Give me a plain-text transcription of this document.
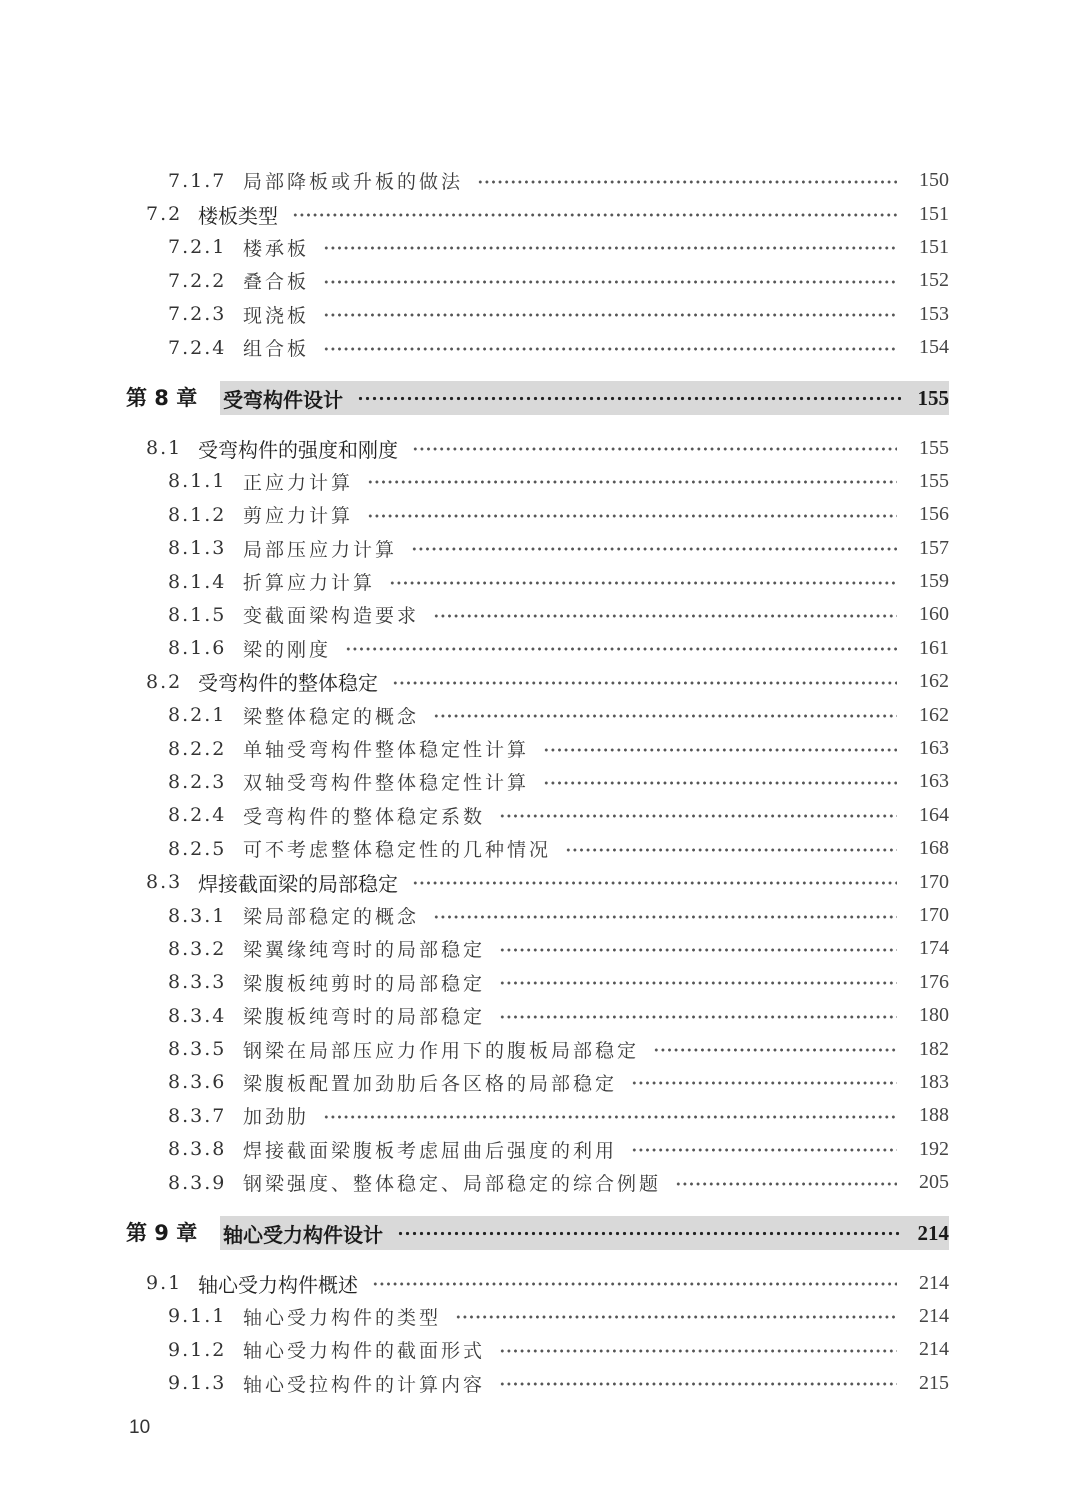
7.1.7 局部降板或升板的做法	150
7.2 楼板类型	151
7.2.1 楼承板	151
7.2.2 叠合板	152
7.2.3 现浇板	153
7.2.4 组合板	154
第 8 章 受弯构件设计	155
8.1 受弯构件的强度和刚度	155
8.1.1 正应力计算	155
8.1.2 剪应力计算	156
8.1.3 局部压应力计算	157
8.1.4 折算应力计算	159
8.1.5 变截面梁构造要求	160
8.1.6 梁的刚度	161
8.2 受弯构件的整体稳定	162
8.2.1 梁整体稳定的概念	162
8.2.2 单轴受弯构件整体稳定性计算	163
8.2.3 双轴受弯构件整体稳定性计算	163
8.2.4 受弯构件的整体稳定系数	164
8.2.5 可不考虑整体稳定性的几种情况	168
8.3 焊接截面梁的局部稳定	170
8.3.1 梁局部稳定的概念	170
8.3.2 梁翼缘纯弯时的局部稳定	174
8.3.3 梁腹板纯剪时的局部稳定	176
8.3.4 梁腹板纯弯时的局部稳定	180
8.3.5 钢梁在局部压应力作用下的腹板局部稳定	182
8.3.6 梁腹板配置加劲肋后各区格的局部稳定	183
8.3.7 加劲肋	188
8.3.8 焊接截面梁腹板考虑屈曲后强度的利用	192
8.3.9 钢梁强度、整体稳定、局部稳定的综合例题	205
第 9 章 轴心受力构件设计	214
9.1 轴心受力构件概述	214
9.1.1 轴心受力构件的类型	214
9.1.2 轴心受力构件的截面形式	214
9.1.3 轴心受拉构件的计算内容	215
10
